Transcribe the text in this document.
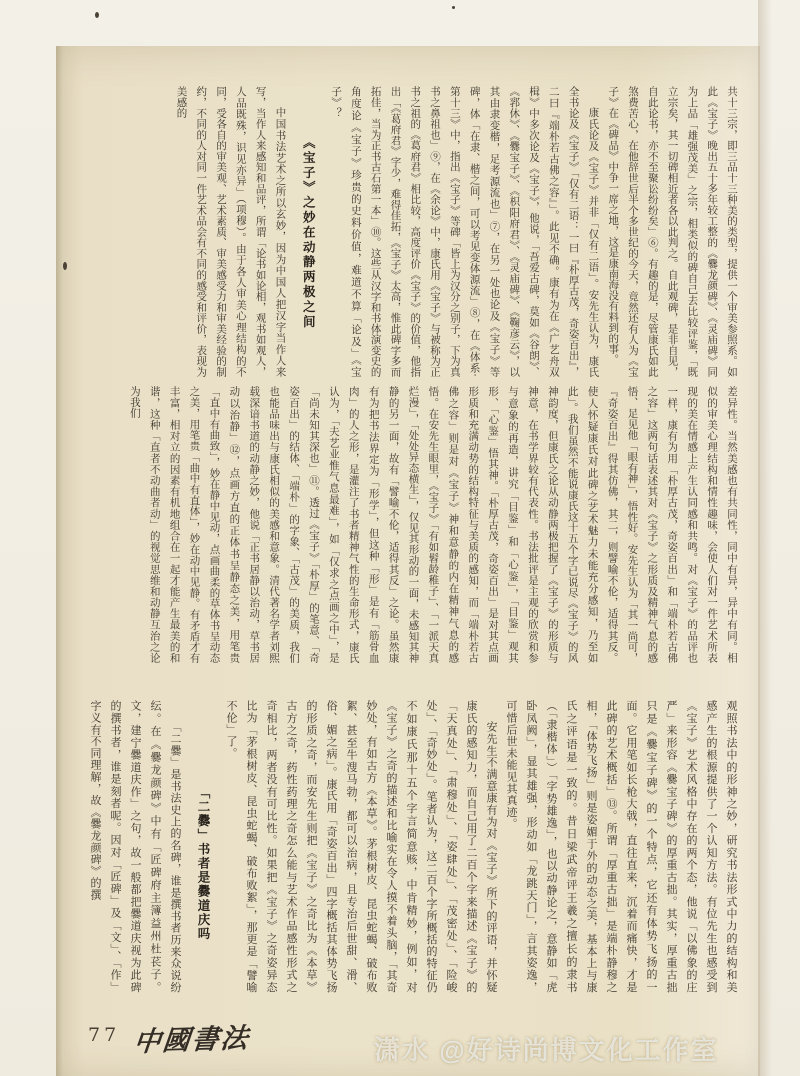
共十三宗，即三品十三种美的类型，提供一个审美参照系。如此《宝子》晚出五十多年较工整的《爨龙颜碑》、《灵庙碑》同为上品「雄强茂美」之宗，相类似的碑自己去比较评鉴，「既立宗矣，其一切碑相近者各以此判之。自此观碑，是非自见，自此论书，亦不至聚讼纷纷矣」⑥。有趣的是，尽管康氏如此煞费苦心，在他辞世后半个多世纪的今天，竟然还有人为《宝子》在《碑品》中争一席之地，这是康南海没有料到的事。

康氏论及《宝子》并非「仅有二语」。安先生认为，康氏全书论及《宝子》「仅有二语：一曰『朴厚古茂，奇姿百出』，二曰『端朴若古佛之容』」。此见不确。康有为在《广艺舟双楫》中多次论及《宝子》，他说，「吾爱古碑，莫如《谷朗》、《郛休》、《爨宝子》、《枳阳府君》、《灵庙碑》、《鞠彦云》，以其由隶变楷，足考源流也」⑦，在另一处也论及《宝子》等碑，体「在隶、楷之间，可以考见变体源流」⑧，在《体系·第十三》中，指出《宝子》等碑「皆上为汉分之别子，下为真书之鼻祖也」⑨，在《余论》中，康氏用《宝子》与被称为正书之祖的《葛府君》相比较，高度评价《宝子》的价值，他指出「《葛府君》字少，难得佳拓，《宝子》太高，惟此碑字多而拓佳，当为正书古石第一本」⑩。这些从汉字和书体演变史的角度论《宝子》珍贵的史料价值，难道不算「论及」《宝子》？

《宝子》之妙在动静两极之间

中国书法艺术之所以玄妙，因为中国人把汉字当作人来写，当作人来感知和品评，所谓「论书如论相，观书如观人，人品既殊，识见亦异」（项穆）。由于各人审美心理结构的不同，受各自的审美观、艺术素质、审美感受力和审美经验的制约，不同的人对同一件艺术品会有不同的感受和评价，表现为美感的

差异性。当然美感也有共同性，同中有异，异中有同。相似的审美心理结构和情性趣味，会使人们对一件艺术所表现的美在情感上产生认同感和共鸣。对《宝子》的品评也一样，康有为用「朴厚古茂，奇姿百出」和「端朴若古佛之容」这两句话表述其对《宝子》之形质及精神气息的感悟、足见他「眼有神」，悟性好。安先生认为「其一尚可，『奇姿百出』得其仿佛，其二，则譬喻不伦，适得其反。使人怀疑康氏对此碑之艺术魅力未能充分感知，乃至如此」。我们虽然不能说康氏这十五个字已说尽《宝子》的风神韵度，但康氏之论从动静两极把握了《宝子》的形质与神意，在书学界较有代表性。书法批评是主观的欣赏和参与意象的再造，讲究「目鉴」和「心鉴」，「目鉴」观其形、「心鉴」悟其神。「朴厚古茂，奇姿百出」是对其点画形质和充满动势的结构特征与美质的感知，而「端朴若古佛之容」则是对《宝子》神和意静的内在精神气息的感悟。在安先生眼里，《宝子》「有如髫龄稚子」、「一派天真烂漫」，「处处异态横生」，仅见其形动的一面，未感知其神静的另一面，故有「譬喻不伦，适得其反」之论。虽然康有为把书法界定为「形学」，但这种「形」是有「筋骨血肉」的人之形，是灌注了书者精神气性的生命形式，康氏认为，「夫艺业惟气息最难」，如「仅求之点画之中」，是「尚未知其深也」⑪。透过《宝子》「朴厚」的笔意、「奇姿百出」的结体、「端朴」的字象、「古茂」的美质，我们也能品味出与康氏相似的美感和意象。清代著名学者刘熙载深谙书道的动静之妙，他说「正书居静以治动，草书居动以治静」⑫，点画方直的正体书呈静态之美，用笔贵「直中有曲致」，妙在静中见动，点画曲柔的草体书呈动态之美，用笔贵「曲中有直体」，妙在动中见静。有矛盾才有丰富，相对立的因素有机地组合在一起才能产生最美的和谐，这种「直者不动曲者动」的视觉思维和动静互治之论为我们

观照书法中的形神之妙，研究书法形式中力的结构和美感产生的根源提供了一个认知方法。有位先生也感受到《宝子》艺术风格中存在的两个态，他说「以佛象的庄严」来形容《爨宝子碑》的厚重古拙。其实，厚重古拙只是《爨宝子碑》的一个特点，它还有体势飞扬的一面。它用笔如长枪大戟，直往直来，沉着而痛快，才是此碑的艺术概括」⑬。所谓「厚重古拙」是端朴静穆之相，「体势飞扬」则是姿媚于外的动态之美，基本上与康氏之评语是一致的。昔日梁武帝评王羲之擅长的隶书（「隶楷体」）「字势雄逸」，也以动静论之，意静如「虎卧凤阙」，显其雄强，形动如「龙跳天门」，言其姿逸，可惜后世未能见其真迹。

安先生不满意康有为对《宝子》所下的评语，并怀疑康氏的感知力，而自己用了二百个字来描述《宝子》的「天真处」、「肃穆处」、「姿肆处」、「茂密处」、「险峻处」、「奇妙处」。笔者认为，这二百个字所概括的特征仍不如康氏那十五个字言简意赅，中肯精妙，例如，对《宝子》之奇的描述和比喻实在令人摸不着头脑，「其奇妙处，有如古方《本草》。茅根树皮、昆虫蛇蝎、破布败絮、甚至牛溲马勃，都可以治病，且专治后世甜、滑、俗、媚之病」。康氏用「奇姿百出」四字概括其体势飞扬的形质之奇，而安先生则把《宝子》之奇比为《本草》古方之奇，药性药理之奇怎么能与艺术作品感性形式之奇相比，两者没有可比性。如果把《宝子》之奇姿异态比为「茅根树皮、昆虫蛇蝎、破布败絮」，那更是「譬喻不伦」了。

「二爨」书者是爨道庆吗

「二爨」是书法史上的名碑，谁是撰书者历来众说纷纭。在《爨龙颜碑》中有「匠碑府主簿益州杜苌子。文，建宁爨道庆作」之句，故一般都把爨道庆视为此碑的撰书者，谁是刻者呢。因对「匠碑」及「文」、「作」字义有不同理解，故《爨龙颜碑》的撰

77 中國書法	潇水 @好诗尚博文化工作室
